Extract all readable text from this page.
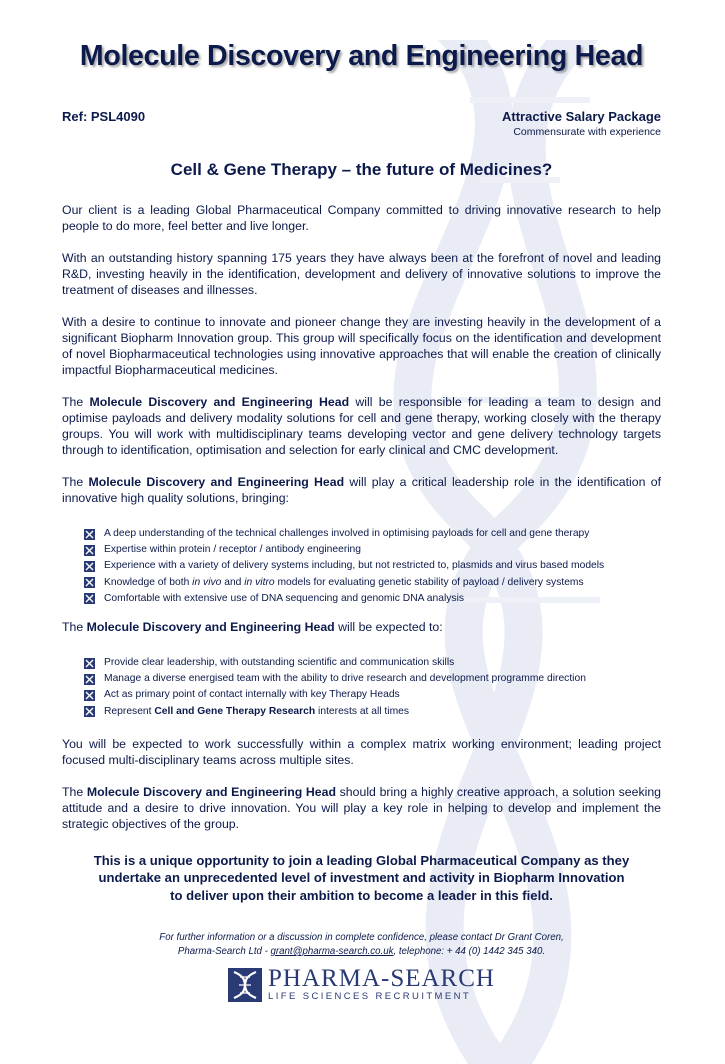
Molecule Discovery and Engineering Head
Ref: PSL4090	Attractive Salary Package
Commensurate with experience
Cell & Gene Therapy – the future of Medicines?

Our client is a leading Global Pharmaceutical Company committed to driving innovative research to help people to do more, feel better and live longer.

With an outstanding history spanning 175 years they have always been at the forefront of novel and leading R&D, investing heavily in the identification, development and delivery of innovative solutions to improve the treatment of diseases and illnesses.

With a desire to continue to innovate and pioneer change they are investing heavily in the development of a significant Biopharm Innovation group. This group will specifically focus on the identification and development of novel Biopharmaceutical technologies using innovative approaches that will enable the creation of clinically impactful Biopharmaceutical medicines.

The Molecule Discovery and Engineering Head will be responsible for leading a team to design and optimise payloads and delivery modality solutions for cell and gene therapy, working closely with the therapy groups. You will work with multidisciplinary teams developing vector and gene delivery technology targets through to identification, optimisation and selection for early clinical and CMC development.

The Molecule Discovery and Engineering Head will play a critical leadership role in the identification of innovative high quality solutions, bringing:

A deep understanding of the technical challenges involved in optimising payloads for cell and gene therapy
Expertise within protein / receptor / antibody engineering
Experience with a variety of delivery systems including, but not restricted to, plasmids and virus based models
Knowledge of both in vivo and in vitro models for evaluating genetic stability of payload / delivery systems
Comfortable with extensive use of DNA sequencing and genomic DNA analysis

The Molecule Discovery and Engineering Head will be expected to:

Provide clear leadership, with outstanding scientific and communication skills
Manage a diverse energised team with the ability to drive research and development programme direction
Act as primary point of contact internally with key Therapy Heads
Represent Cell and Gene Therapy Research interests at all times

You will be expected to work successfully within a complex matrix working environment; leading project focused multi-disciplinary teams across multiple sites.

The Molecule Discovery and Engineering Head should bring a highly creative approach, a solution seeking attitude and a desire to drive innovation. You will play a key role in helping to develop and implement the strategic objectives of the group.

This is a unique opportunity to join a leading Global Pharmaceutical Company as they
undertake an unprecedented level of investment and activity in Biopharm Innovation
to deliver upon their ambition to become a leader in this field.
For further information or a discussion in complete confidence, please contact Dr Grant Coren,
Pharma-Search Ltd - grant@pharma-search.co.uk, telephone: + 44 (0) 1442 345 340.
PHARMA-SEARCH
LIFE SCIENCES RECRUITMENT
